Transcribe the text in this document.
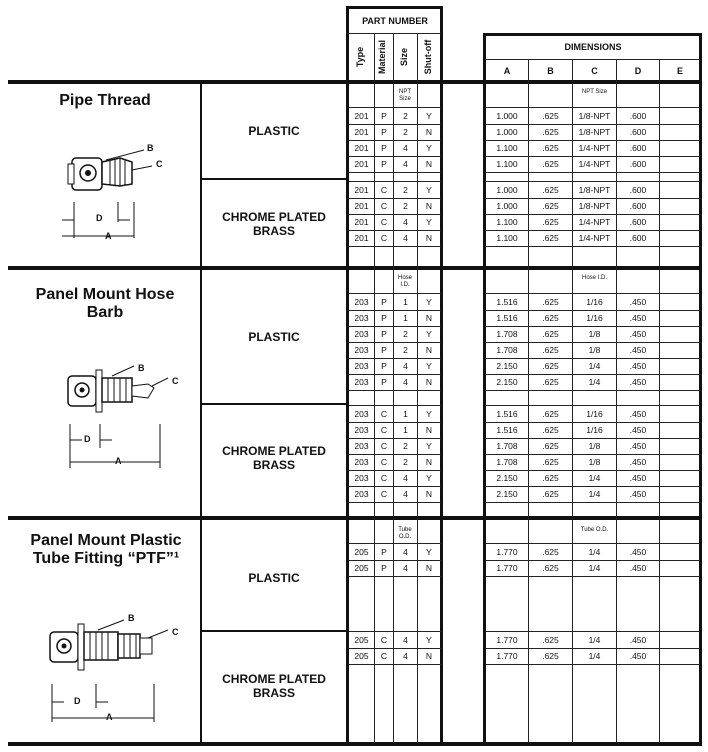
PART NUMBER
DIMENSIONS
Type Material Size Shut-off	A	B	C	D	E
Pipe Thread
PLASTIC
CHROME PLATED BRASS
Panel Mount Hose Barb
PLASTIC
CHROME PLATED BRASS
Panel Mount Plastic Tube Fitting “PTF”¹
PLASTIC
CHROME PLATED BRASS
NPT Size
NPT Size
Hose I.D.
Hose I.D.
Tube O.D.
Tube O.D.
201	P	2	Y	1.000	.625	1/8-NPT	.600
201	P	2	N	1.000	.625	1/8-NPT	.600
201	P	4	Y	1.100	.625	1/4-NPT	.600
201	P	4	N	1.100	.625	1/4-NPT	.600
201	C	2	Y	1.000	.625	1/8-NPT	.600
201	C	2	N	1.000	.625	1/8-NPT	.600
201	C	4	Y	1.100	.625	1/4-NPT	.600
201	C	4	N	1.100	.625	1/4-NPT	.600
203	P	1	Y	1.516	.625	1/16	.450
203	P	1	N	1.516	.625	1/16	.450
203	P	2	Y	1.708	.625	1/8	.450
203	P	2	N	1.708	.625	1/8	.450
203	P	4	Y	2.150	.625	1/4	.450
203	P	4	N	2.150	.625	1/4	.450
203	C	1	Y	1.516	.625	1/16	.450
203	C	1	N	1.516	.625	1/16	.450
203	C	2	Y	1.708	.625	1/8	.450
203	C	2	N	1.708	.625	1/8	.450
203	C	4	Y	2.150	.625	1/4	.450
203	C	4	N	2.150	.625	1/4	.450
205	P	4	Y	1.770	.625	1/4	.450
205	P	4	N	1.770	.625	1/4	.450
205	C	4	Y	1.770	.625	1/4	.450
205	C	4	N	1.770	.625	1/4	.450
B
C
D
A
B
C
D
A
B
C
D
A
